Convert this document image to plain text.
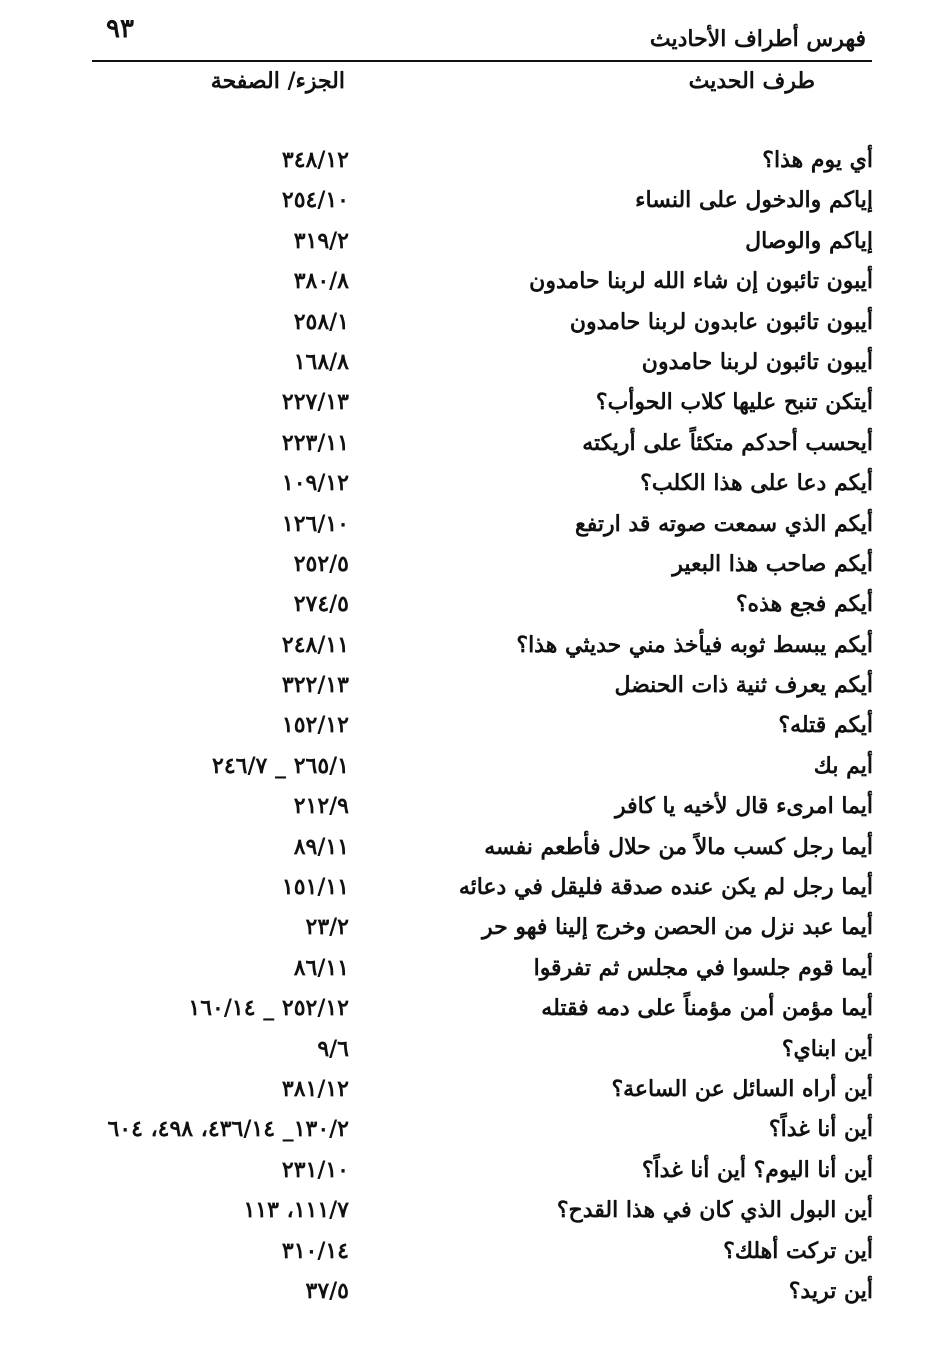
فهرس أطراف الأحاديث
٩٣
طرف الحديث
الجزء/ الصفحة
أي يوم هذا؟
٣٤٨/١٢
إياكم والدخول على النساء
٢٥٤/١٠
إياكم والوصال
٣١٩/٢
أيبون تائبون إن شاء الله لربنا حامدون
٣٨٠/٨
أيبون تائبون عابدون لربنا حامدون
٢٥٨/١
أيبون تائبون لربنا حامدون
١٦٨/٨
أيتكن تنبح عليها كلاب الحوأب؟
٢٢٧/١٣
أيحسب أحدكم متكئاً على أريكته
٢٢٣/١١
أيكم دعا على هذا الكلب؟
١٠٩/١٢
أيكم الذي سمعت صوته قد ارتفع
١٢٦/١٠
أيكم صاحب هذا البعير
٢٥٢/٥
أيكم فجع هذه؟
٢٧٤/٥
أيكم يبسط ثوبه فيأخذ مني حديثي هذا؟
٢٤٨/١١
أيكم يعرف ثنية ذات الحنضل
٣٢٢/١٣
أيكم قتله؟
١٥٢/١٢
أيم بك
٢٦٥/١ _ ٢٤٦/٧
أيما امرىء قال لأخيه يا كافر
٢١٢/٩
أيما رجل كسب مالاً من حلال فأطعم نفسه
٨٩/١١
أيما رجل لم يكن عنده صدقة فليقل في دعائه
١٥١/١١
أيما عبد نزل من الحصن وخرج إلينا فهو حر
٢٣/٢
أيما قوم جلسوا في مجلس ثم تفرقوا
٨٦/١١
أيما مؤمن أمن مؤمناً على دمه فقتله
٢٥٢/١٢ _ ١٦٠/١٤
أين ابناي؟
٩/٦
أين أراه السائل عن الساعة؟
٣٨١/١٢
أين أنا غداً؟
١٣٠/٢_ ٤٣٦/١٤، ٤٩٨، ٦٠٤
أين أنا اليوم؟ أين أنا غداً؟
٢٣١/١٠
أين البول الذي كان في هذا القدح؟
١١١/٧، ١١٣
أين تركت أهلك؟
٣١٠/١٤
أين تريد؟
٣٧/٥
